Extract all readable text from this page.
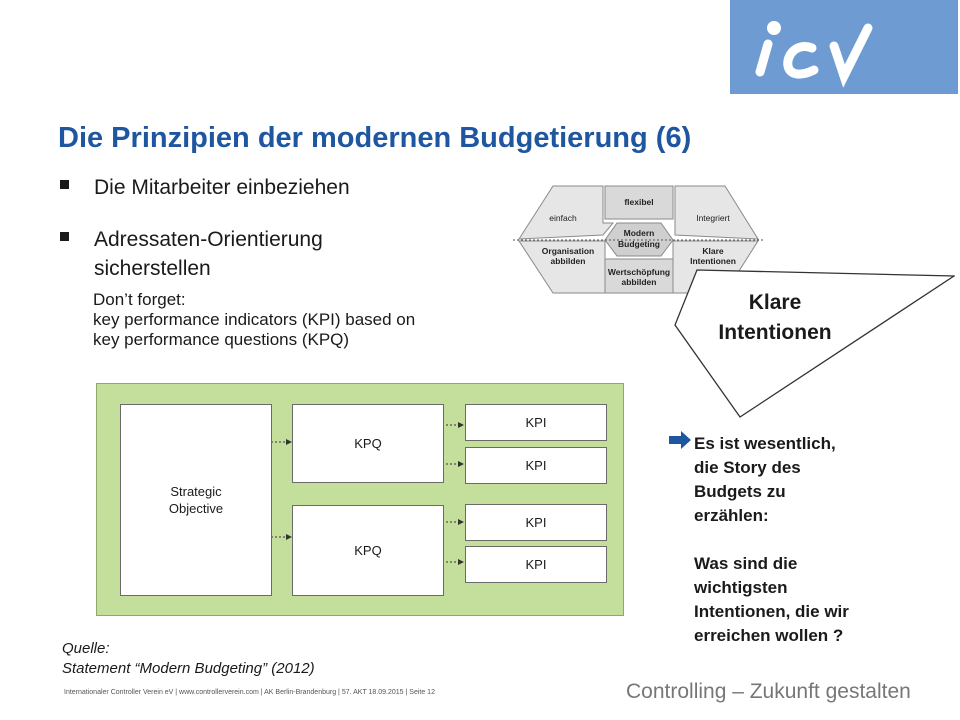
Die Prinzipien der modernen Budgetierung (6)
Die Mitarbeiter einbeziehen
Adressaten-Orientierung
sicherstellen
Don’t forget:
key performance indicators (KPI) based on
key performance questions (KPQ)
flexibel
einfach	Integriert
Modern
Budgeting
Organisation
abbilden
Klare
Intentionen
Wertschöpfung
abbilden
Klare
Intentionen
Strategic
Objective
KPQ
KPQ
KPI
KPI
KPI
KPI
Es ist wesentlich,
die Story des
Budgets zu
erzählen:
Was sind die
wichtigsten
Intentionen, die wir
erreichen wollen ?
Quelle:
Statement “Modern Budgeting” (2012)
Internationaler Controller Verein eV | www.controllerverein.com | AK Berlin-Brandenburg | 57. AKT 18.09.2015 | Seite 12	Controlling – Zukunft gestalten
